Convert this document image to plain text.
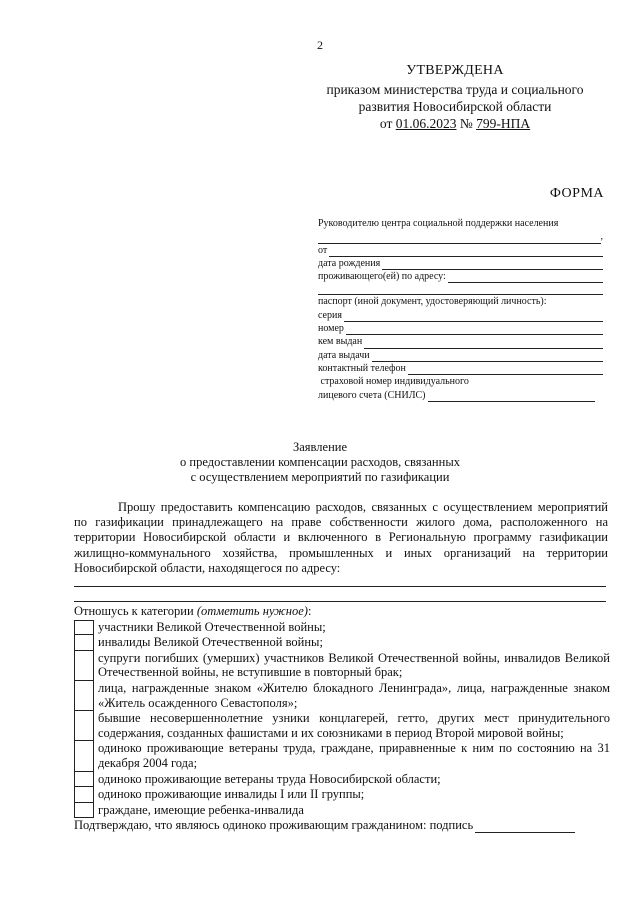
2
УТВЕРЖДЕНА
приказом министерства труда и социального
развития Новосибирской области
от 01.06.2023 № 799-НПА
ФОРМА
Руководителю центра социальной поддержки населения
,
от
дата рождения
проживающего(ей) по адресу:
паспорт (иной документ, удостоверяющий личность):
серия
номер
кем выдан
дата выдачи
контактный телефон
страховой номер индивидуального
лицевого счета (СНИЛС)
Заявление
о предоставлении компенсации расходов, связанных
с осуществлением мероприятий по газификации
Прошу предоставить компенсацию расходов, связанных с осуществлением мероприятий по газификации принадлежащего на праве собственности жилого дома, расположенного на территории Новосибирской области и включенного в Региональную программу газификации жилищно-коммунального хозяйства, промышленных и иных организаций на территории Новосибирской области, находящегося по адресу:
Отношусь к категории (отметить нужное):
участники Великой Отечественной войны;
инвалиды Великой Отечественной войны;
супруги погибших (умерших) участников Великой Отечественной войны, инвалидов Великой Отечественной войны, не вступившие в повторный брак;
лица, награжденные знаком «Жителю блокадного Ленинграда», лица, награжденные знаком «Житель осажденного Севастополя»;
бывшие несовершеннолетние узники концлагерей, гетто, других мест принудительного содержания, созданных фашистами и их союзниками в период Второй мировой войны;
одиноко проживающие ветераны труда, граждане, приравненные к ним по состоянию на 31 декабря 2004 года;
одиноко проживающие ветераны труда Новосибирской области;
одиноко проживающие инвалиды I или II группы;
граждане, имеющие ребенка-инвалида
Подтверждаю, что являюсь одиноко проживающим гражданином: подпись
